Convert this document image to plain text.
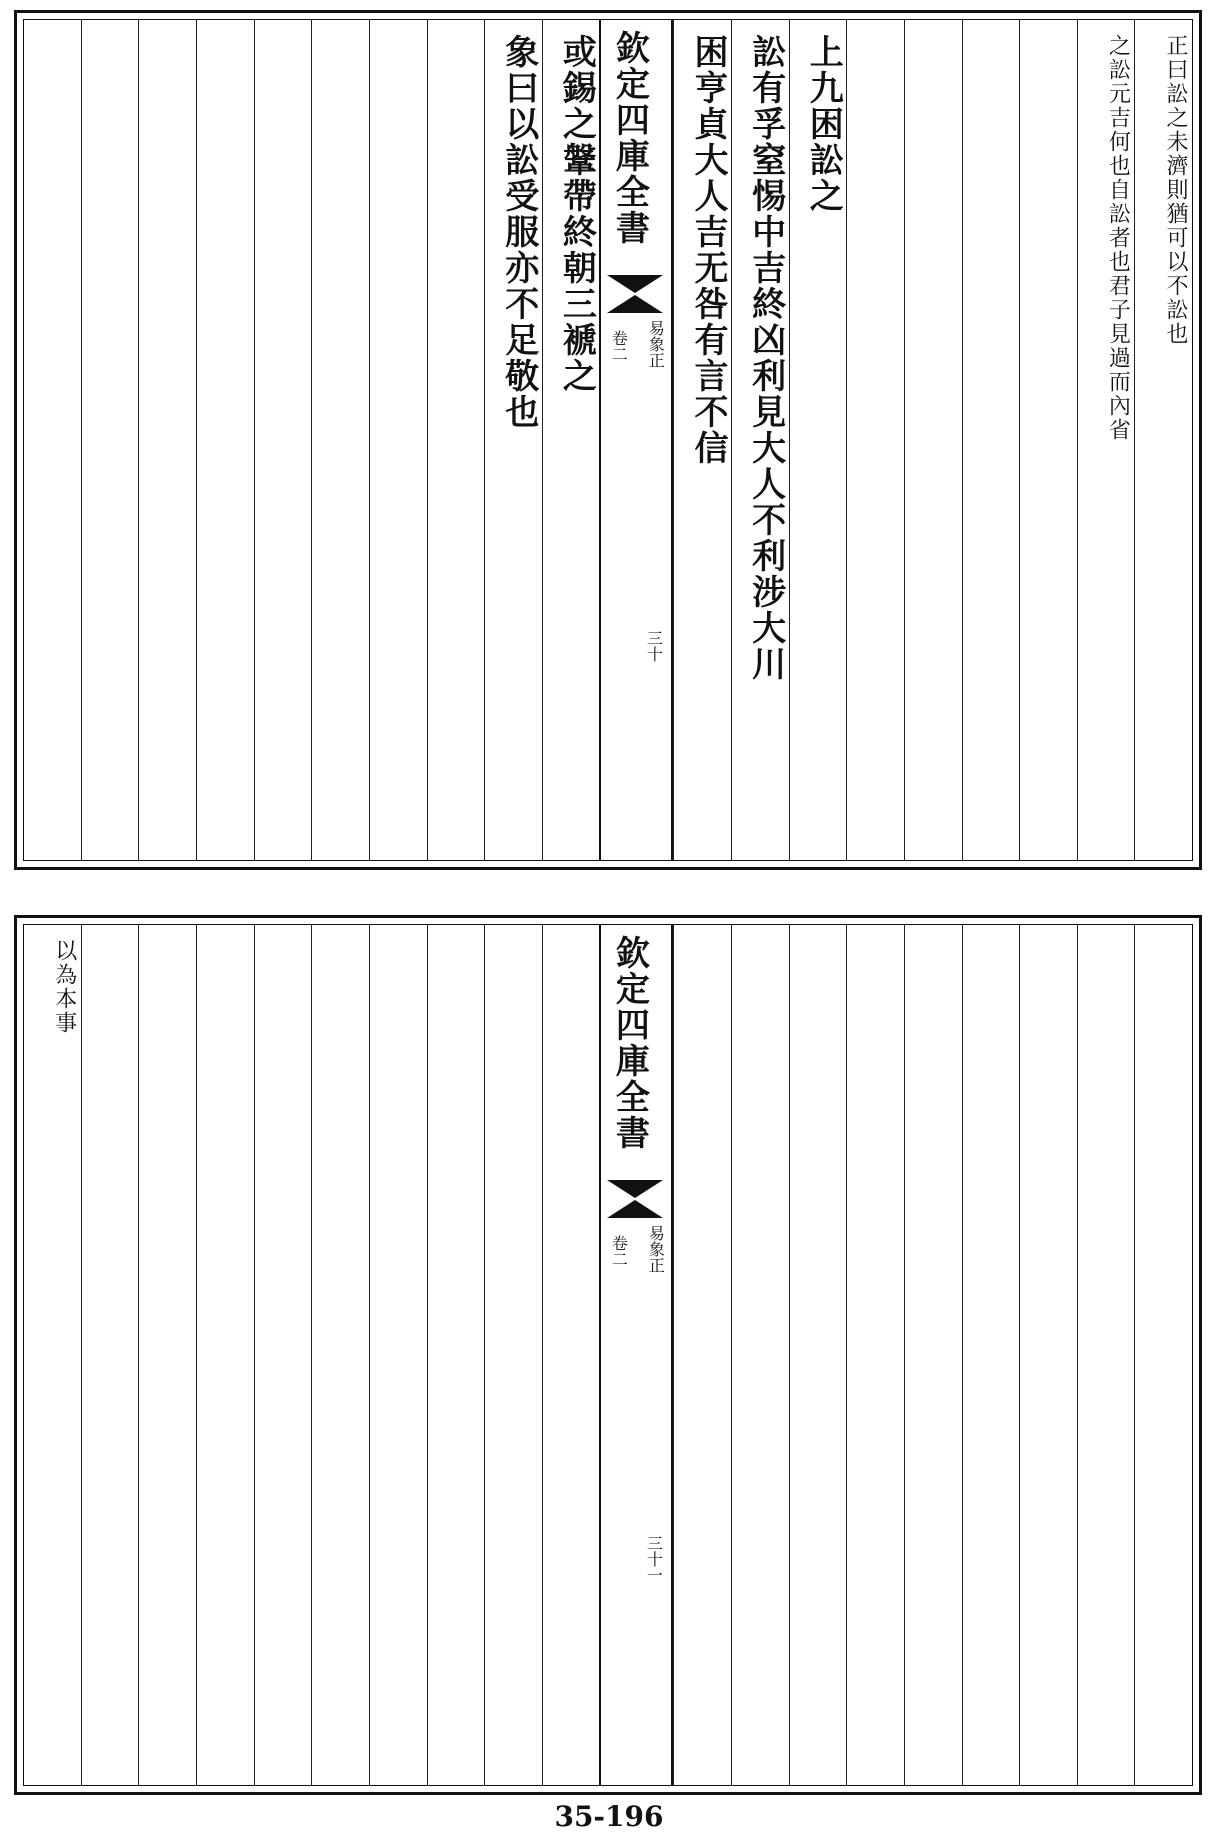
正曰訟之未濟則猶可以不訟也
之訟元吉何也自訟者也君子見過而內省
上九困訟之
訟有孚窒惕中吉終凶利見大人不利涉大川
困亨貞大人吉无咎有言不信
欽定四庫全書
易象正
卷二
三十
或錫之鞶帶終朝三褫之
象曰以訟受服亦不足敬也
欽定四庫全書
易象正
卷二
三十一
以為本事
35-196
